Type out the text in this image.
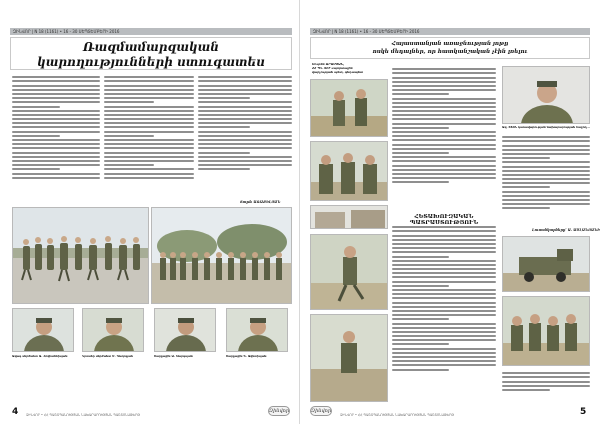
ԶԻՆՎՈՐ | N 18 (1161) • 16 - 30 ՍԵՊՏԵՄԲԵՐԻ 2016
Ռազմամարզական
կարողությունների ստուգատես
Տաթև ԱՌԱՔԵԼՅԱՆ
Ավագ սերժանտ Ա. Հովհաննիսյան	Կրտսեր սերժանտ Մ. Գևորգյան	Շարքային Ա. Սարգսյան	Շարքային Գ. Ավետիսյան
4 ԶԻՆՎՈՐ • ՀՀ ՊԱՇՏՊԱՆՈՒԹՅԱՆ ՆԱԽԱՐԱՐՈՒԹՅԱՆ ՊԱՇՏՈՆԱԹԵՐԹ
Զինվոր
ԶԻՆՎՈՐ | N 18 (1161) • 16 - 30 ՍԵՊՏԵՄԲԵՐԻ 2016
Հայաստանյան առաջնության յոթը
ոսկե մեդալներ, որ հատկանշական չէին լռելու
Սուրեն ԱՐԱՄՅԱՆ,
ՀՀ ՊՆ ԶՈՒ սպորտային
վարչության պետ, գնդապետ
Ավ. ՇՏՈՆ կառավարության նախարարության հաջող...
Լուսանկարները՝ Ա. ԱՍԼԱՆՅԱՆԻ
ՀԵՏԱԽՈՒԶԱԿԱՆ ՊԱՏՐԱՍՏՈՒԹՅՈՒՆ
Զինվոր
ԶԻՆՎՈՐ • ՀՀ ՊԱՇՏՊԱՆՈՒԹՅԱՆ ՆԱԽԱՐԱՐՈՒԹՅԱՆ ՊԱՇՏՈՆԱԹԵՐԹ	5
